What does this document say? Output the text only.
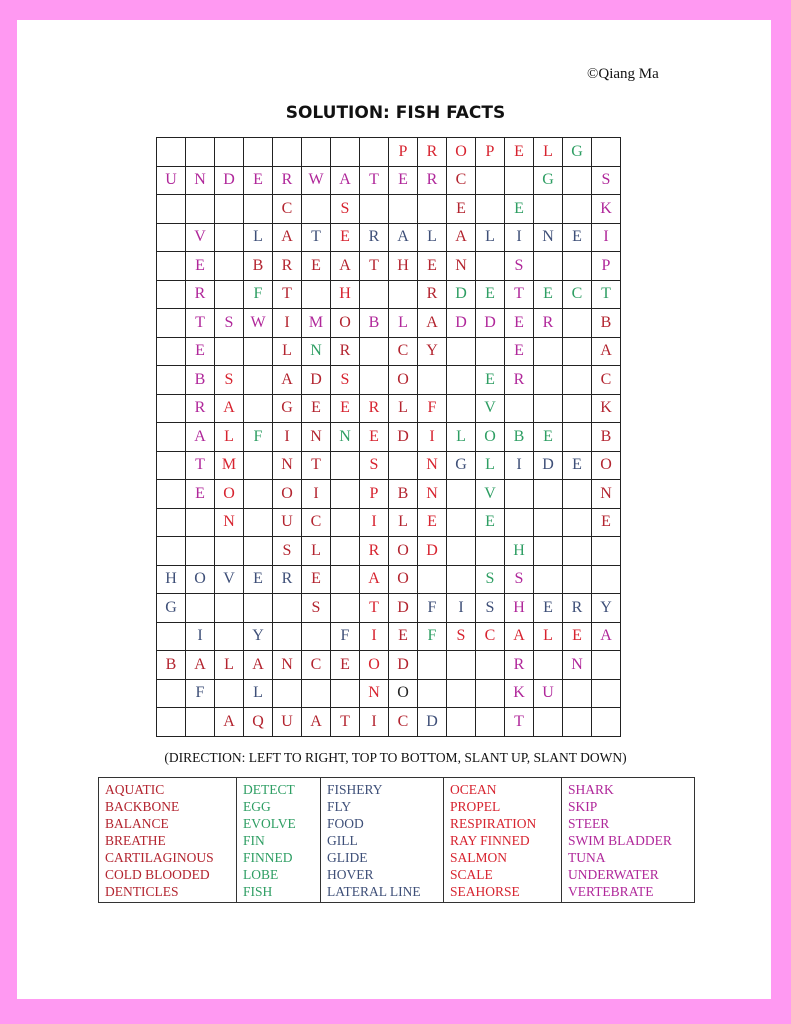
©Qiang Ma
SOLUTION: FISH FACTS
								P	R	O	P	E	L	G	
U	N	D	E	R	W	A	T	E	R	C			G		S
				C		S				E		E			K
	V		L	A	T	E	R	A	L	A	L	I	N	E	I
	E		B	R	E	A	T	H	E	N		S			P
	R		F	T		H			R	D	E	T	E	C	T
	T	S	W	I	M	O	B	L	A	D	D	E	R		B
	E			L	N	R		C	Y			E			A
	B	S		A	D	S		O			E	R			C
	R	A		G	E	E	R	L	F		V				K
	A	L	F	I	N	N	E	D	I	L	O	B	E		B
	T	M		N	T		S		N	G	L	I	D	E	O
	E	O		O	I		P	B	N		V				N
		N		U	C		I	L	E		E				E
				S	L		R	O	D			H			
H	O	V	E	R	E		A	O			S	S			
G					S		T	D	F	I	S	H	E	R	Y
	I		Y			F	I	E	F	S	C	A	L	E	A
B	A	L	A	N	C	E	O	D				R		N	
	F		L				N	O				K	U		
		A	Q	U	A	T	I	C	D			T			
(DIRECTION: LEFT TO RIGHT, TOP TO BOTTOM, SLANT UP, SLANT DOWN)
AQUATIC
BACKBONE
BALANCE
BREATHE
CARTILAGINOUS
COLD BLOODED
DENTICLES

DETECT
EGG
EVOLVE
FIN
FINNED
LOBE
FISH

FISHERY
FLY
FOOD
GILL
GLIDE
HOVER
LATERAL LINE

OCEAN
PROPEL
RESPIRATION
RAY FINNED
SALMON
SCALE
SEAHORSE

SHARK
SKIP
STEER
SWIM BLADDER
TUNA
UNDERWATER
VERTEBRATE
